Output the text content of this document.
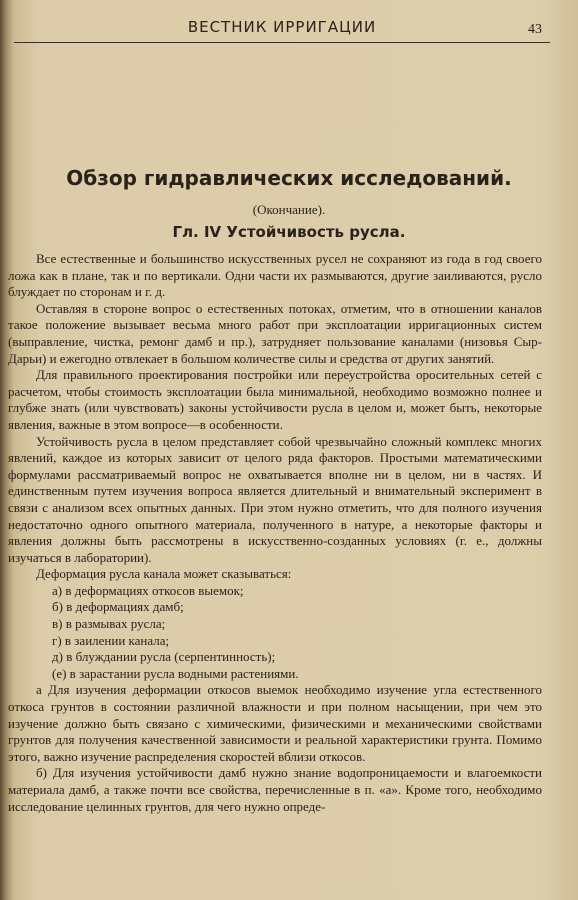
ВЕСТНИК ИРРИГАЦИИ	43
Обзор гидравлических исследований.
(Окончание).
Гл. IV Устойчивость русла.

Все естественные и большинство искусственных русел не сохраняют из года в год своего ложа как в плане, так и по вертикали. Одни части их размываются, другие заиливаются, русло блуждает по сторонам и г. д.

Оставляя в стороне вопрос о естественных потоках, отметим, что в отношении каналов такое положение вызывает весьма много работ при эксплоатации ирригационных систем (выправление, чистка, ремонг дамб и пр.), затрудняет пользование каналами (низовья Сыр-Дарьи) и ежегодно отвлекает в большом количестве силы и средства от других занятий.

Для правильного проектирования постройки или переустройства оросительных сетей с расчетом, чтобы стоимость эксплоатации была минимальной, необходимо возможно полнее и глубже знать (или чувствовать) законы устойчивости русла в целом и, может быть, некоторые явления, важные в этом вопросе—в особенности.

Устойчивость русла в целом представляет собой чрезвычайно сложный комплекс многих явлений, каждое из которых зависит от целого ряда факторов. Простыми математическими формулами рассматриваемый вопрос не охватывается вполне ни в целом, ни в частях. И единственным путем изучения вопроса является длительный и внимательный эксперимент в связи с анализом всех опытных данных. При этом нужно отметить, что для полного изучения недостаточно одного опытного материала, полученного в натуре, а некоторые факторы и явления должны быть рассмотрены в искусственно-созданных условиях (г. е., должны изучаться в лаборатории).

Деформация русла канала может сказываться:

а) в деформациях откосов выемок;
б) в деформациях дамб;
в) в размывах русла;
г) в заилении канала;
д) в блуждании русла (серпентинность);
(е) в зарастании русла водными растениями.

а Для изучения деформации откосов выемок необходимо изучение угла естественного откоса грунтов в состоянии различной влажности и при полном насыщении, при чем это изучение должно быть связано с химическими, физическими и механическими свойствами грунтов для получения качественной зависимости и реальной характеристики грунта. Помимо этого, важно изучение распределения скоростей вблизи откосов.

б) Для изучения устойчивости дамб нужно знание водопроницаемости и влагоемкости материала дамб, а также почти все свойства, перечисленные в п. «а». Кроме того, необходимо исследование целинных грунтов, для чего нужно опреде-
